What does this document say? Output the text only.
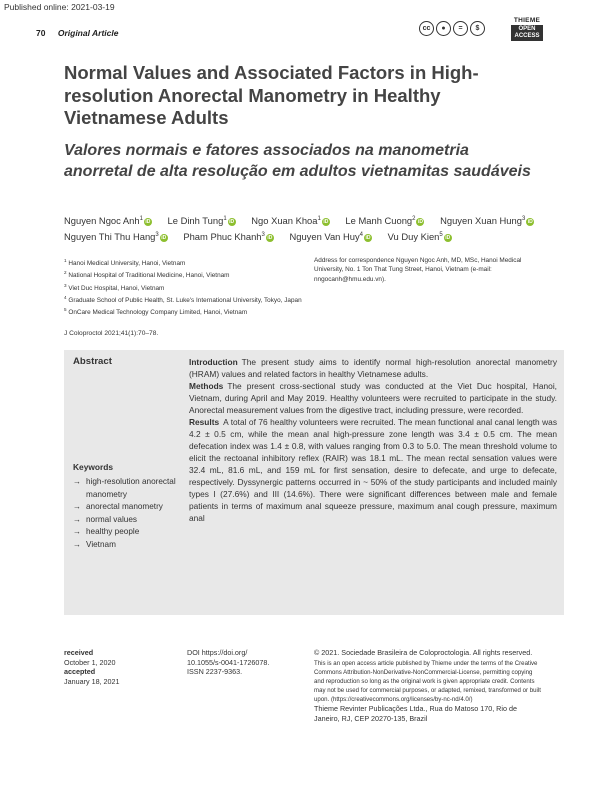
Published online: 2021-03-19
70 Original Article	cc	●	=	$
THIEME
OPEN
ACCESS
Normal Values and Associated Factors in High-resolution Anorectal Manometry in Healthy Vietnamese Adults
Valores normais e fatores associados na manometria anorretal de alta resolução em adultos vietnamitas saudáveis
Nguyen Ngoc Anh$^1$iD Le Dinh Tung$^1$iD Ngo Xuan Khoa$^1$iD Le Manh Cuong$^2$iD Nguyen Xuan Hung$^3$iD Nguyen Thi Thu Hang$^3$iD Pham Phuc Khanh$^3$iD Nguyen Van Huy$^4$iD Vu Duy Kien$^5$iD
$^1$ Hanoi Medical University, Hanoi, Vietnam
$^2$ National Hospital of Traditional Medicine, Hanoi, Vietnam
$^3$ Viet Duc Hospital, Hanoi, Vietnam
$^4$ Graduate School of Public Health, St. Luke's International University, Tokyo, Japan
$^5$ OnCare Medical Technology Company Limited, Hanoi, Vietnam
Address for correspondence Nguyen Ngoc Anh, MD, MSc, Hanoi Medical University, No. 1 Ton That Tung Street, Hanoi, Vietnam (e-mail: nngocanh@hmu.edu.vn).
J Coloproctol 2021;41(1):70–78.
Abstract	Introduction The present study aims to identify normal high-resolution anorectal manometry (HRAM) values and related factors in healthy Vietnamese adults.

Methods The present cross-sectional study was conducted at the Viet Duc hospital, Hanoi, Vietnam, during April and May 2019. Healthy volunteers were recruited to participate in the study. Anorectal measurement values from the digestive tract, including pressure, were recorded.

Results A total of 76 healthy volunteers were recruited. The mean functional anal canal length was 4.2 ± 0.5 cm, while the mean anal high-pressure zone length was 3.4 ± 0.5 cm. The mean defecation index was 1.4 ± 0.8, with values ranging from 0.3 to 5.0. The mean threshold volume to elicit the rectoanal inhibitory reflex (RAIR) was 18.1 mL. The mean rectal sensation values were 32.4 mL, 81.6 mL, and 159 mL for first sensation, desire to defecate, and urge to defecate, respectively. Dyssynergic patterns occurred in ~ 50% of the study participants and included mainly types I (27.6%) and III (14.6%). There were significant differences between male and female patients in terms of maximum anal squeeze pressure, maximum anal cough pressure, maximum anal

Keywords
→ high-resolution anorectal manometry
→ anorectal manometry
→ normal values
→ healthy people
→ Vietnam
received
October 1, 2020
accepted
January 18, 2021
DOI https://doi.org/
10.1055/s-0041-1726078.
ISSN 2237-9363.
© 2021. Sociedade Brasileira de Coloproctologia. All rights reserved.
This is an open access article published by Thieme under the terms of the Creative Commons Attribution-NonDerivative-NonCommercial-License, permitting copying and reproduction so long as the original work is given appropriate credit. Contents may not be used for commercial purposes, or adapted, remixed, transformed or built upon. (https://creativecommons.org/licenses/by-nc-nd/4.0/)
Thieme Revinter Publicações Ltda., Rua do Matoso 170, Rio de Janeiro, RJ, CEP 20270-135, Brazil
